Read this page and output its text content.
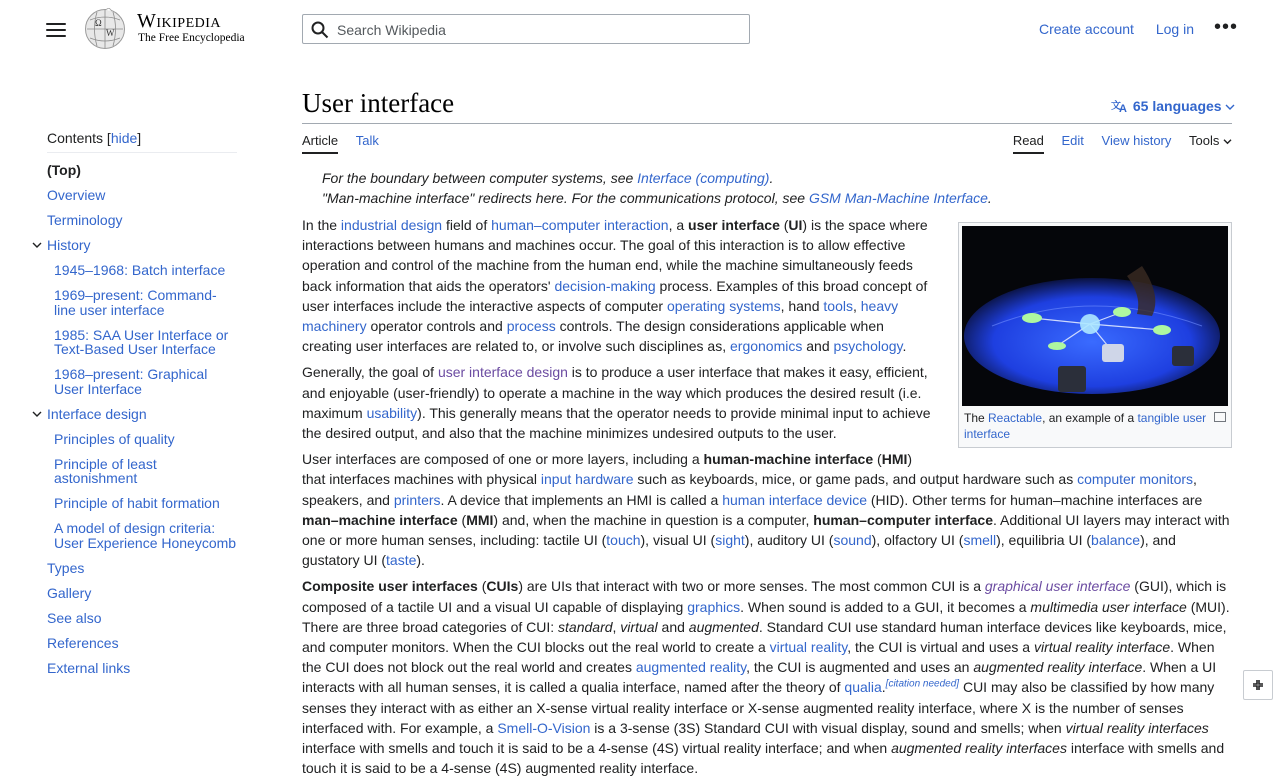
Ω
W
Wikipedia
The Free Encyclopedia
Search Wikipedia
Create account Log in •••
Contents [hide]
(Top)
Overview
Terminology
History
1945–1968: Batch interface
1969–present: Command-line user interface
1985: SAA User Interface or Text-Based User Interface
1968–present: Graphical User Interface
Interface design
Principles of quality
Principle of least astonishment
Principle of habit formation
A model of design criteria: User Experience Honeycomb
Types
Gallery
See also
References
External links
User interface	文
A 65 languages
Article Talk	Read Edit View history Tools
For the boundary between computer systems, see Interface (computing).
"Man-machine interface" redirects here. For the communications protocol, see GSM Man-Machine Interface.
The Reactable, an example of a tangible user interface

In the industrial design field of human–computer interaction, a user interface (UI) is the space where interactions between humans and machines occur. The goal of this interaction is to allow effective operation and control of the machine from the human end, while the machine simultaneously feeds back information that aids the operators' decision-making process. Examples of this broad concept of user interfaces include the interactive aspects of computer operating systems, hand tools, heavy machinery operator controls and process controls. The design considerations applicable when creating user interfaces are related to, or involve such disciplines as, ergonomics and psychology.

Generally, the goal of user interface design is to produce a user interface that makes it easy, efficient, and enjoyable (user-friendly) to operate a machine in the way which produces the desired result (i.e. maximum usability). This generally means that the operator needs to provide minimal input to achieve the desired output, and also that the machine minimizes undesired outputs to the user.

User interfaces are composed of one or more layers, including a human-machine interface (HMI) that interfaces machines with physical input hardware such as keyboards, mice, or game pads, and output hardware such as computer monitors, speakers, and printers. A device that implements an HMI is called a human interface device (HID). Other terms for human–machine interfaces are man–machine interface (MMI) and, when the machine in question is a computer, human–computer interface. Additional UI layers may interact with one or more human senses, including: tactile UI (touch), visual UI (sight), auditory UI (sound), olfactory UI (smell), equilibria UI (balance), and gustatory UI (taste).

Composite user interfaces (CUIs) are UIs that interact with two or more senses. The most common CUI is a graphical user interface (GUI), which is composed of a tactile UI and a visual UI capable of displaying graphics. When sound is added to a GUI, it becomes a multimedia user interface (MUI). There are three broad categories of CUI: standard, virtual and augmented. Standard CUI use standard human interface devices like keyboards, mice, and computer monitors. When the CUI blocks out the real world to create a virtual reality, the CUI is virtual and uses a virtual reality interface. When the CUI does not block out the real world and creates augmented reality, the CUI is augmented and uses an augmented reality interface. When a UI interacts with all human senses, it is called a qualia interface, named after the theory of qualia.[citation needed] CUI may also be classified by how many senses they interact with as either an X-sense virtual reality interface or X-sense augmented reality interface, where X is the number of senses interfaced with. For example, a Smell-O-Vision is a 3-sense (3S) Standard CUI with visual display, sound and smells; when virtual reality interfaces interface with smells and touch it is said to be a 4-sense (4S) virtual reality interface; and when augmented reality interfaces interface with smells and touch it is said to be a 4-sense (4S) augmented reality interface.
